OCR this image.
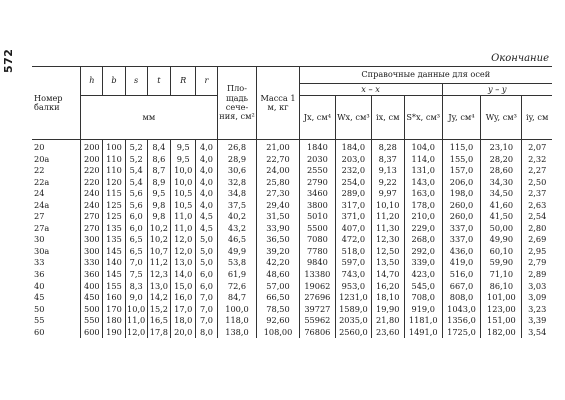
572	Окончание
Номер балки	h	b	s	t	R	r	Пло-щадь сече-ния, см²	Масса 1 м, кг	Справочные данные для осей						
									x – x				y – y		
	мм								Jx, см⁴	Wx, см³	ix, см	S*x, см³	Jy, см⁴	Wy, см³	iy, см
20	200	100	5,2	8,4	9,5	4,0	26,8	21,00	1840	184,0	8,28	104,0	115,0	23,10	2,07
20а	200	110	5,2	8,6	9,5	4,0	28,9	22,70	2030	203,0	8,37	114,0	155,0	28,20	2,32
22	220	110	5,4	8,7	10,0	4,0	30,6	24,00	2550	232,0	9,13	131,0	157,0	28,60	2,27
22а	220	120	5,4	8,9	10,0	4,0	32,8	25,80	2790	254,0	9,22	143,0	206,0	34,30	2,50
24	240	115	5,6	9,5	10,5	4,0	34,8	27,30	3460	289,0	9,97	163,0	198,0	34,50	2,37
24а	240	125	5,6	9,8	10,5	4,0	37,5	29,40	3800	317,0	10,10	178,0	260,0	41,60	2,63
27	270	125	6,0	9,8	11,0	4,5	40,2	31,50	5010	371,0	11,20	210,0	260,0	41,50	2,54
27а	270	135	6,0	10,2	11,0	4,5	43,2	33,90	5500	407,0	11,30	229,0	337,0	50,00	2,80
30	300	135	6,5	10,2	12,0	5,0	46,5	36,50	7080	472,0	12,30	268,0	337,0	49,90	2,69
30а	300	145	6,5	10,7	12,0	5,0	49,9	39,20	7780	518,0	12,50	292,0	436,0	60,10	2,95
33	330	140	7,0	11,2	13,0	5,0	53,8	42,20	9840	597,0	13,50	339,0	419,0	59,90	2,79
36	360	145	7,5	12,3	14,0	6,0	61,9	48,60	13380	743,0	14,70	423,0	516,0	71,10	2,89
40	400	155	8,3	13,0	15,0	6,0	72,6	57,00	19062	953,0	16,20	545,0	667,0	86,10	3,03
45	450	160	9,0	14,2	16,0	7,0	84,7	66,50	27696	1231,0	18,10	708,0	808,0	101,00	3,09
50	500	170	10,0	15,2	17,0	7,0	100,0	78,50	39727	1589,0	19,90	919,0	1043,0	123,00	3,23
55	550	180	11,0	16,5	18,0	7,0	118,0	92,60	55962	2035,0	21,80	1181,0	1356,0	151,00	3,39
60	600	190	12,0	17,8	20,0	8,0	138,0	108,00	76806	2560,0	23,60	1491,0	1725,0	182,00	3,54
